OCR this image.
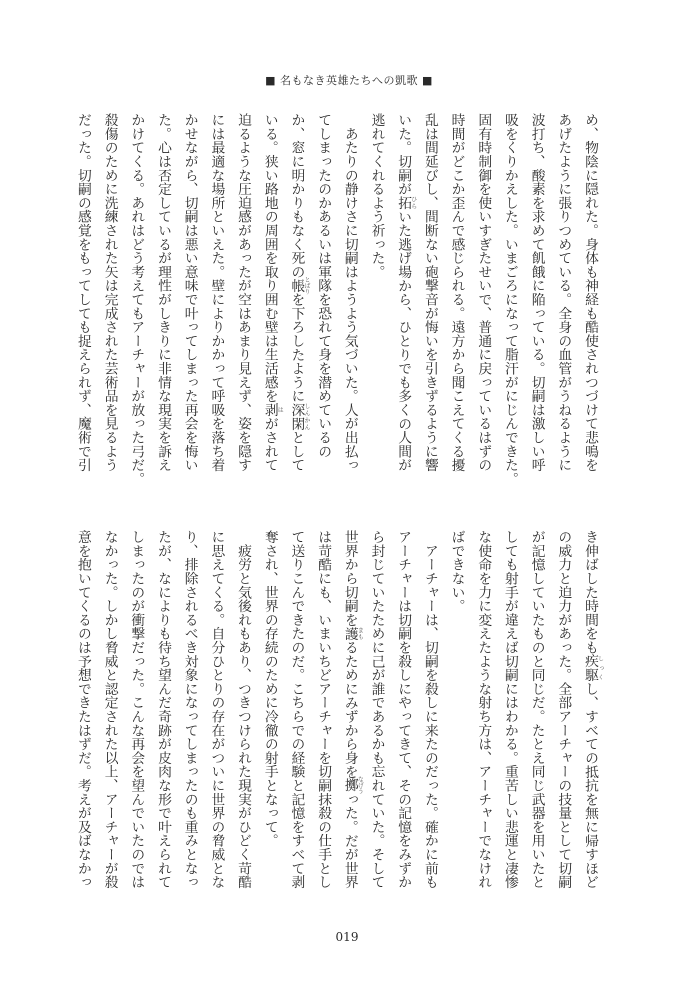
■ 名もなき英雄たちへの凱歌 ■
め、物陰に隠れた。身体も神経も酷使されつづけて悲鳴を
あげたように張りつめている。全身の血管がうねるように
波打ち、酸素を求めて飢餓に陥っている。切嗣は激しい呼
吸をくりかえした。いまごろになって脂汗がにじんできた。
固有時制御を使いすぎたせいで、普通に戻っているはずの
時間がどこか歪んで感じられる。遠方から聞こえてくる擾
乱は間延びし、間断ない砲撃音が悔いを引きずるように響
いた。切嗣が拓ひらいた逃げ場から、ひとりでも多くの人間が
逃れてくれるよう祈った。
　あたりの静けさに切嗣はようよう気づいた。人が出払っ
てしまったのかあるいは軍隊を恐れて身を潜めているの
か、窓に明かりもなく死の帳とばりを下ろしたように深閑しんかんとして
いる。狭い路地の周囲を取り囲む壁は生活感を剥はがされて
迫るような圧迫感があったが空はあまり見えず、姿を隠す
には最適な場所といえた。壁によりかかって呼吸を落ち着
かせながら、切嗣は悪い意味で叶ってしまった再会を悔い
た。心は否定しているが理性がしきりに非情な現実を訴え
かけてくる。あれはどう考えてもアーチャーが放った弓だ。
殺傷のために洗練された矢は完成された芸術品を見るよう
だった。切嗣の感覚をもってしても捉えられず、魔術で引
き伸ばした時間をも疾駆しっくし、すべての抵抗を無に帰すほど
の威力と迫力があった。全部アーチャーの技量として切嗣
が記憶していたものと同じだ。たとえ同じ武器を用いたと
しても射手が違えば切嗣にはわかる。重苦しい悲運と凄惨
な使命を力に変えたような射ち方は、アーチャーでなけれ
ばできない。
　アーチャーは、切嗣を殺しに来たのだった。確かに前も
アーチャーは切嗣を殺しにやってきて、その記憶をみずか
ら封じていたために己が誰であるかも忘れていた。そして
世界から切嗣を護まもるためにみずから身を擲なげうった。だが世界
は苛酷にも、いまいちどアーチャーを切嗣抹殺の仕手とし
て送りこんできたのだ。こちらでの経験と記憶をすべて剥
奪され、世界の存続のために冷徹の射手となって。
　疲労と気後れもあり、つきつけられた現実がひどく苛酷
に思えてくる。自分ひとりの存在がついに世界の脅威とな
り、排除されるべき対象になってしまったのも重みとなっ
たが、なによりも待ち望んだ奇跡が皮肉な形で叶えられて
しまったのが衝撃だった。こんな再会を望んでいたのでは
なかった。しかし脅威と認定された以上、アーチャーが殺
意を抱いてくるのは予想できたはずだ。考えが及ばなかっ
019
